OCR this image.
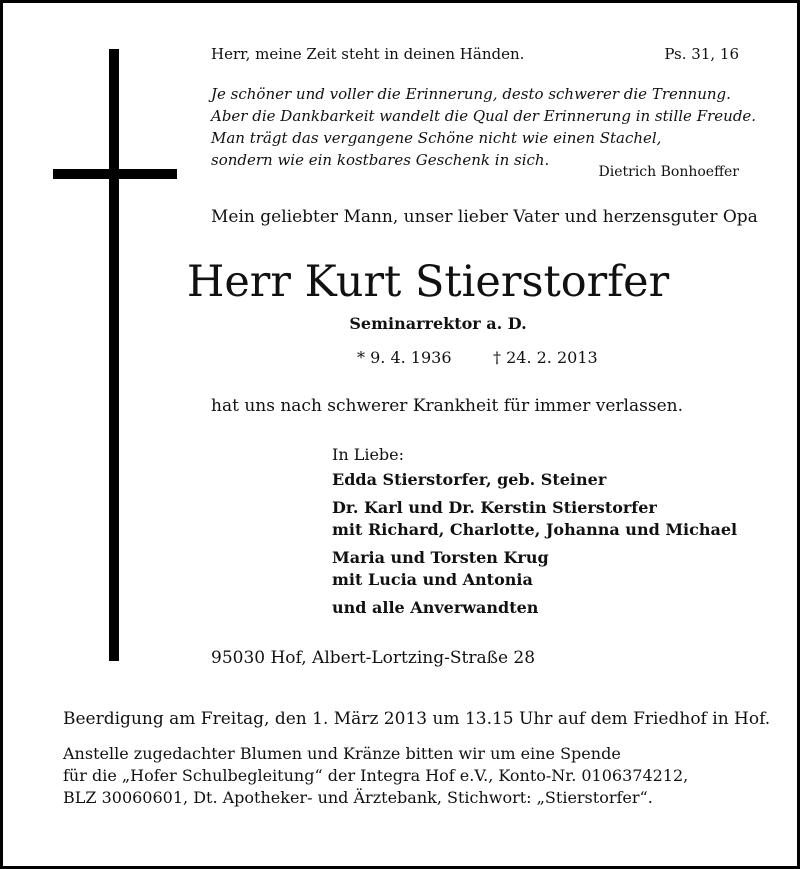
Herr, meine Zeit steht in deinen Händen.	Ps. 31, 16
Je schöner und voller die Erinnerung, desto schwerer die Trennung.
Aber die Dankbarkeit wandelt die Qual der Erinnerung in stille Freude.
Man trägt das vergangene Schöne nicht wie einen Stachel,
sondern wie ein kostbares Geschenk in sich.
Dietrich Bonhoeffer
Mein geliebter Mann, unser lieber Vater und herzensguter Opa
Herr Kurt Stierstorfer
Seminarrektor a. D.
* 9. 4. 1936	† 24. 2. 2013
hat uns nach schwerer Krankheit für immer verlassen.
In Liebe:
Edda Stierstorfer, geb. Steiner
Dr. Karl und Dr. Kerstin Stierstorfer
mit Richard, Charlotte, Johanna und Michael
Maria und Torsten Krug
mit Lucia und Antonia
und alle Anverwandten
95030 Hof, Albert-Lortzing-Straße 28
Beerdigung am Freitag, den 1. März 2013 um 13.15 Uhr auf dem Friedhof in Hof.
Anstelle zugedachter Blumen und Kränze bitten wir um eine Spende
für die „Hofer Schulbegleitung“ der Integra Hof e.V., Konto-Nr. 0106374212,
BLZ 30060601, Dt. Apotheker- und Ärztebank, Stichwort: „Stierstorfer“.
